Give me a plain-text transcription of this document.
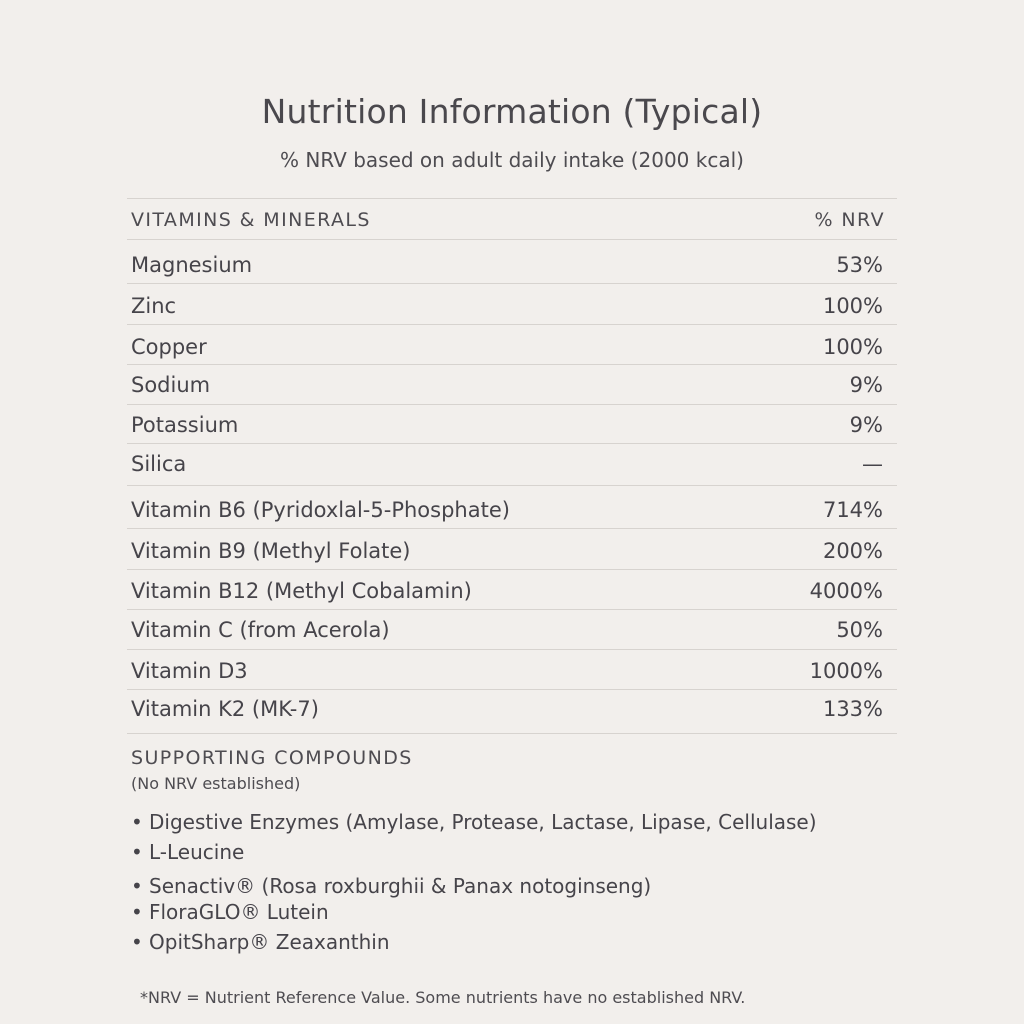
Nutrition Information (Typical)
% NRV based on adult daily intake (2000 kcal)
VITAMINS & MINERALS	% NRV
Magnesium	53%
Zinc	100%
Copper	100%
Sodium	9%
Potassium	9%
Silica	—
Vitamin B6 (Pyridoxlal-5-Phosphate)	714%
Vitamin B9 (Methyl Folate)	200%
Vitamin B12 (Methyl Cobalamin)	4000%
Vitamin C (from Acerola)	50%
Vitamin D3	1000%
Vitamin K2 (MK-7)	133%
SUPPORTING COMPOUNDS
(No NRV established)
• Digestive Enzymes (Amylase, Protease, Lactase, Lipase, Cellulase)
• L-Leucine
• Senactiv® (Rosa roxburghii & Panax notoginseng)
• FloraGLO® Lutein
• OpitSharp® Zeaxanthin
*NRV = Nutrient Reference Value. Some nutrients have no established NRV.
